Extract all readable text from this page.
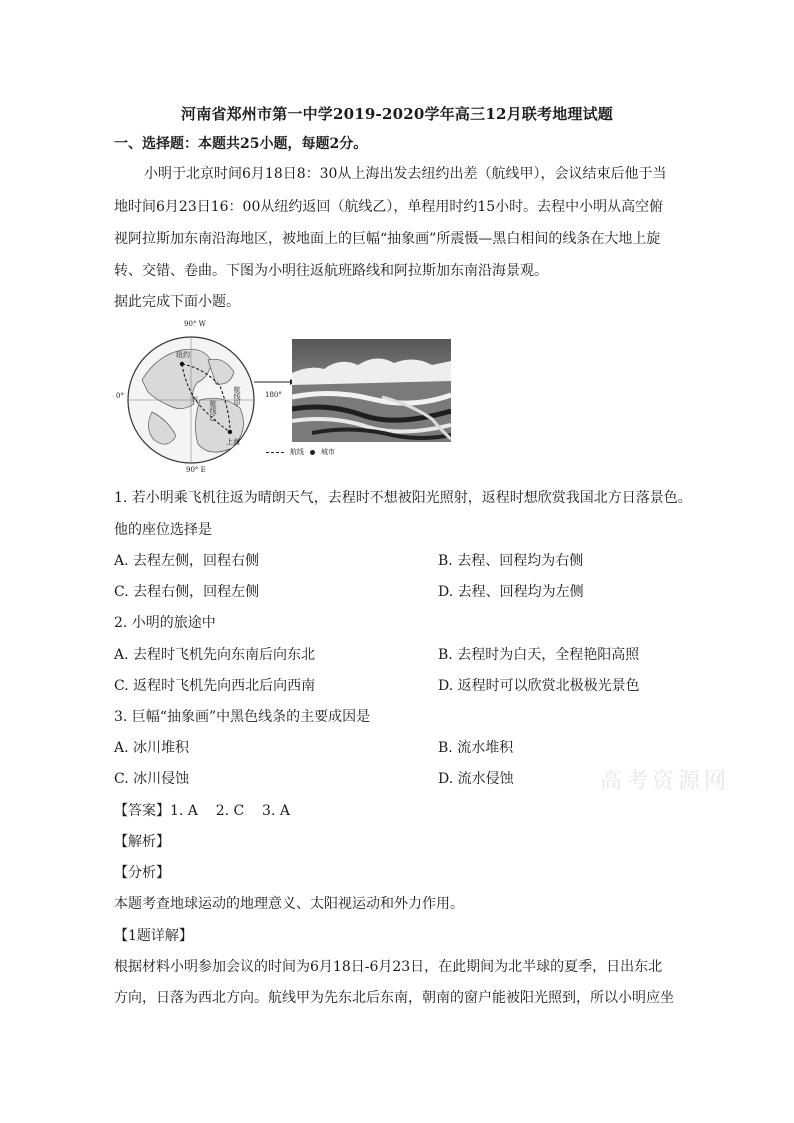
河南省郑州市第一中学2019-2020学年高三12月联考地理试题
一、选择题：本题共25小题，每题2分。
小明于北京时间6月18日8：30从上海出发去纽约出差（航线甲），会议结束后他于当
地时间6月23日16：00从纽约返回（航线乙），单程用时约15小时。去程中小明从高空俯
视阿拉斯加东南沿海地区，被地面上的巨幅“抽象画”所震慑—黑白相间的线条在大地上旋
转、交错、卷曲。下图为小明往返航班路线和阿拉斯加东南沿海景观。
据此完成下面小题。
90° W
90° E
0°	180°
纽约
上海
N	航线甲
航线乙
航线 城市
1. 若小明乘飞机往返为晴朗天气，去程时不想被阳光照射，返程时想欣赏我国北方日落景色。
他的座位选择是
A. 去程左侧，回程右侧	B. 去程、回程均为右侧
C. 去程右侧，回程左侧	D. 去程、回程均为左侧
2. 小明的旅途中
A. 去程时飞机先向东南后向东北	B. 去程时为白天，全程艳阳高照
C. 返程时飞机先向西北后向西南	D. 返程时可以欣赏北极极光景色
3. 巨幅“抽象画”中黑色线条的主要成因是
A. 冰川堆积	B. 流水堆积
C. 冰川侵蚀	D. 流水侵蚀	高考资源网
【答案】1. A    2. C    3. A
【解析】
【分析】
本题考查地球运动的地理意义、太阳视运动和外力作用。
【1题详解】
根据材料小明参加会议的时间为6月18日-6月23日，在此期间为北半球的夏季，日出东北
方向，日落为西北方向。航线甲为先东北后东南，朝南的窗户能被阳光照到，所以小明应坐
